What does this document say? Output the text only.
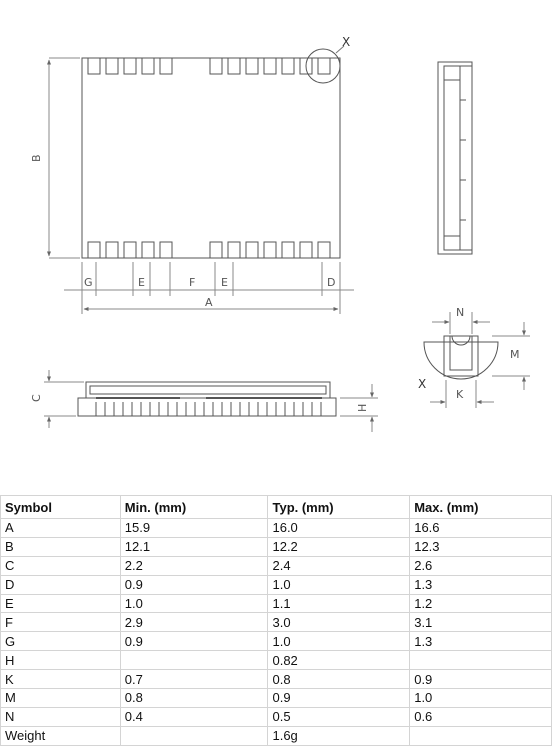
B
X
G	E	F E	D
A
C
H
N
M
K
X
Symbol	Min. (mm)	Typ. (mm)	Max. (mm)
A	15.9	16.0	16.6
B	12.1	12.2	12.3
C	2.2	2.4	2.6
D	0.9	1.0	1.3
E	1.0	1.1	1.2
F	2.9	3.0	3.1
G	0.9	1.0	1.3
H		0.82	
K	0.7	0.8	0.9
M	0.8	0.9	1.0
N	0.4	0.5	0.6
Weight		1.6g	
